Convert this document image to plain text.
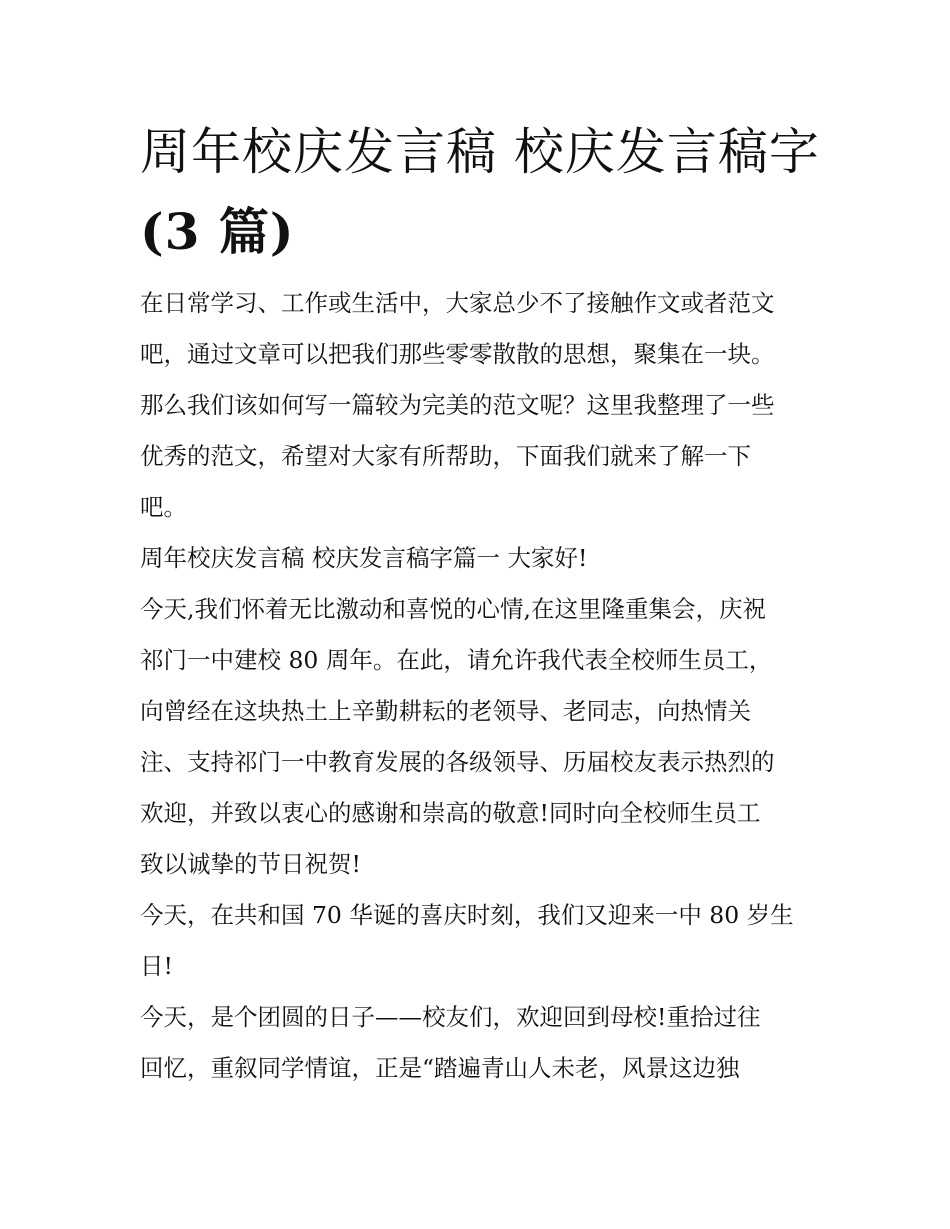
周年校庆发言稿 校庆发言稿字
(3 篇)
在日常学习、工作或生活中，大家总少不了接触作文或者范文
吧，通过文章可以把我们那些零零散散的思想，聚集在一块。
那么我们该如何写一篇较为完美的范文呢？这里我整理了一些
优秀的范文，希望对大家有所帮助，下面我们就来了解一下
吧。
周年校庆发言稿 校庆发言稿字篇一 大家好!
今天,我们怀着无比激动和喜悦的心情,在这里隆重集会，庆祝
祁门一中建校 80 周年。在此，请允许我代表全校师生员工，
向曾经在这块热土上辛勤耕耘的老领导、老同志，向热情关
注、支持祁门一中教育发展的各级领导、历届校友表示热烈的
欢迎，并致以衷心的感谢和崇高的敬意!同时向全校师生员工
致以诚挚的节日祝贺!
今天，在共和国 70 华诞的喜庆时刻，我们又迎来一中 80 岁生
日!
今天，是个团圆的日子——校友们，欢迎回到母校!重拾过往
回忆，重叙同学情谊，正是“踏遍青山人未老，风景这边独
